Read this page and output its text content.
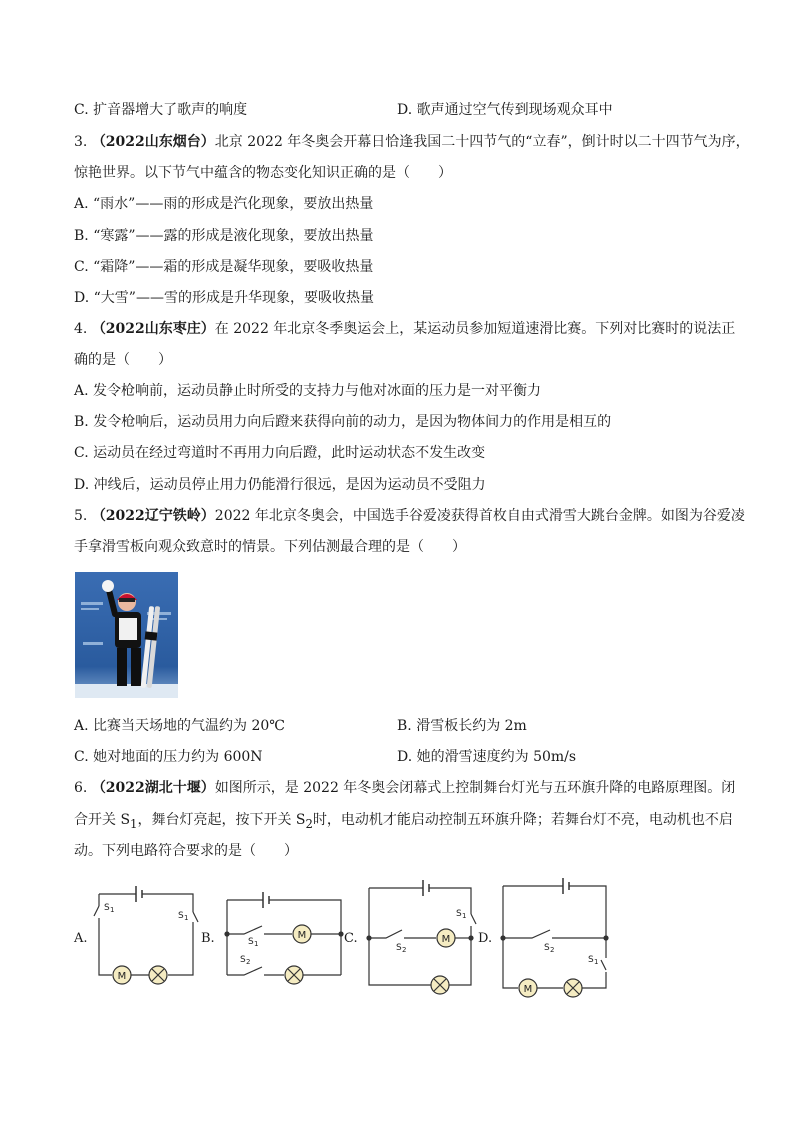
C. 扩音器增大了歌声的响度	D. 歌声通过空气传到现场观众耳中
3. （2022山东烟台）北京 2022 年冬奥会开幕日恰逢我国二十四节气的“立春”，倒计时以二十四节气为序，
惊艳世界。以下节气中蕴含的物态变化知识正确的是（　　）
A. “雨水”——雨的形成是汽化现象，要放出热量
B. “寒露”——露的形成是液化现象，要放出热量
C. “霜降”——霜的形成是凝华现象，要吸收热量
D. “大雪”——雪的形成是升华现象，要吸收热量
4. （2022山东枣庄）在 2022 年北京冬季奥运会上，某运动员参加短道速滑比赛。下列对比赛时的说法正
确的是（　　）
A. 发令枪响前，运动员静止时所受的支持力与他对冰面的压力是一对平衡力
B. 发令枪响后，运动员用力向后蹬来获得向前的动力，是因为物体间力的作用是相互的
C. 运动员在经过弯道时不再用力向后蹬，此时运动状态不发生改变
D. 冲线后，运动员停止用力仍能滑行很远，是因为运动员不受阻力
5. （2022辽宁铁岭）2022 年北京冬奥会，中国选手谷爱凌获得首枚自由式滑雪大跳台金牌。如图为谷爱凌
手拿滑雪板向观众致意时的情景。下列估测最合理的是（　　）
A. 比赛当天场地的气温约为 20℃	B. 滑雪板长约为 2m
C. 她对地面的压力约为 600N	D. 她的滑雪速度约为 50m/s
6. （2022湖北十堰）如图所示，是 2022 年冬奥会闭幕式上控制舞台灯光与五环旗升降的电路原理图。闭
合开关 $S_1$，舞台灯亮起，按下开关 $S_2$时，电动机才能启动控制五环旗升降；若舞台灯不亮，电动机也不启
动。下列电路符合要求的是（　　）
A.	B.	C.	D.
M
S 1
S 1
M
S 1
S 2
M
S 2
S 1
M
S 2
S 1
